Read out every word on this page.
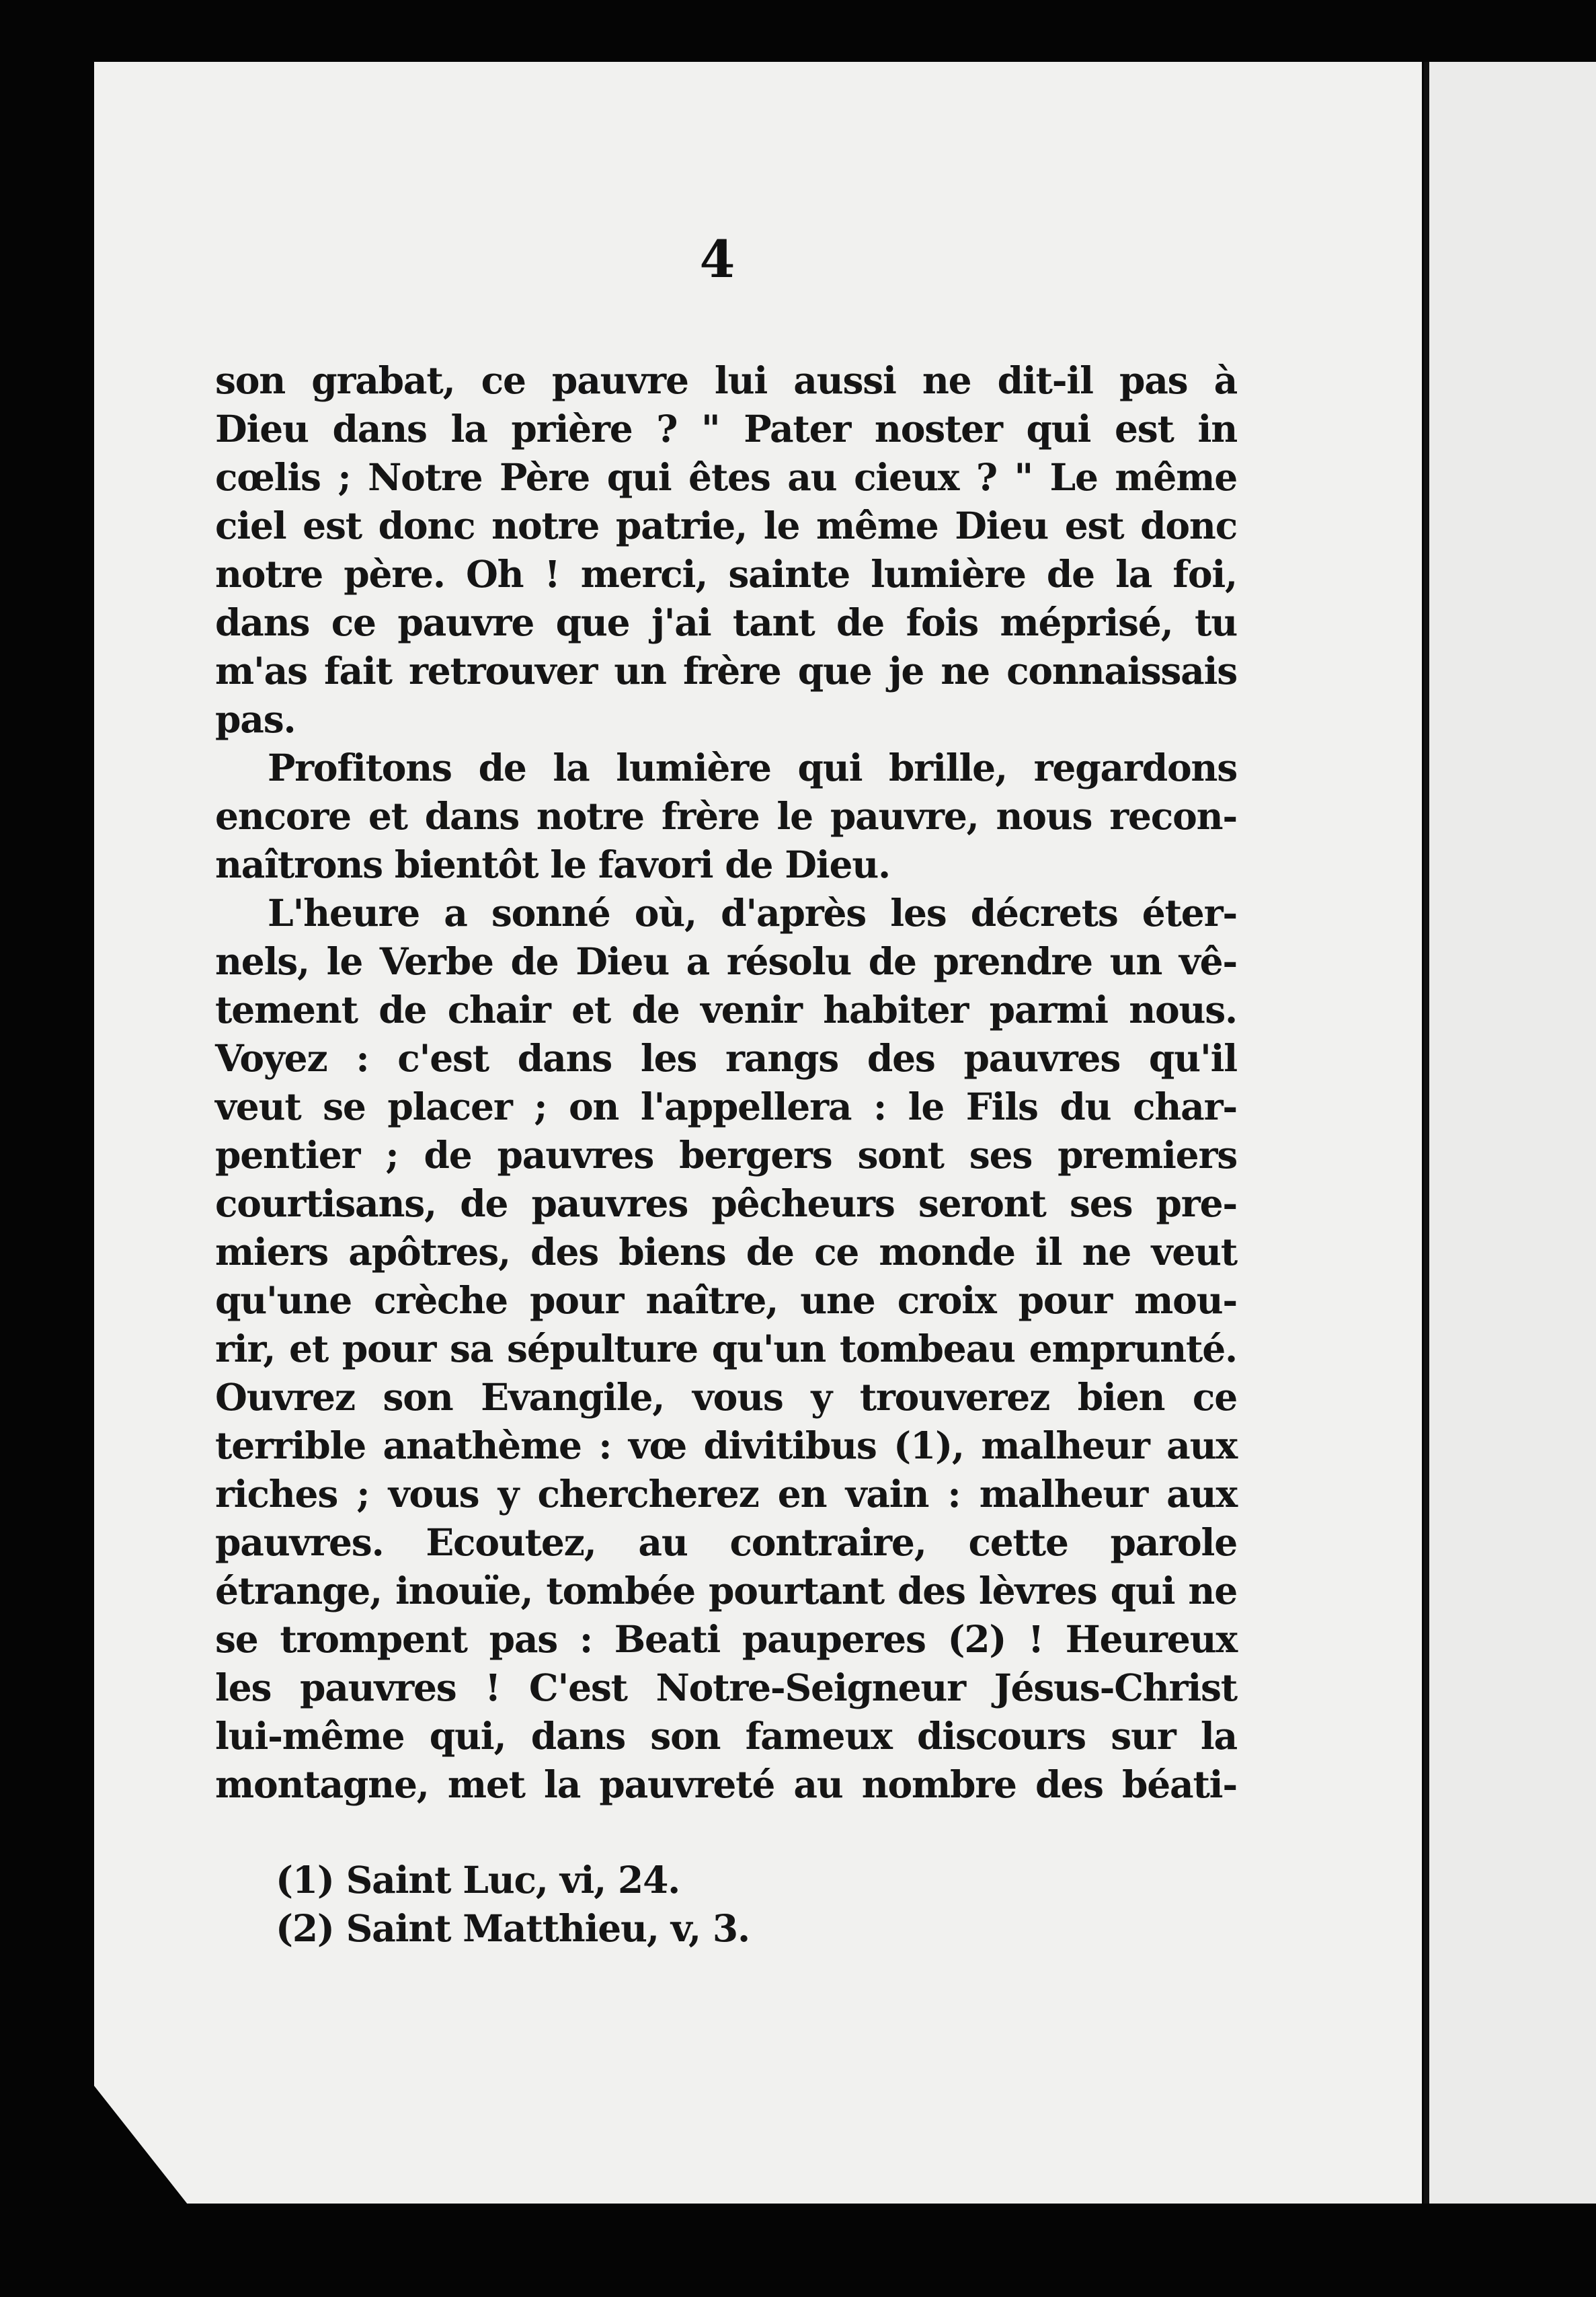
4
son grabat, ce pauvre lui aussi ne dit-il pas à
Dieu dans la prière ? " Pater noster qui est in
cœlis ; Notre Père qui êtes au cieux ? " Le même
ciel est donc notre patrie, le même Dieu est donc
notre père. Oh ! merci, sainte lumière de la foi,
dans ce pauvre que j'ai tant de fois méprisé, tu
m'as fait retrouver un frère que je ne connaissais
pas.
Profitons de la lumière qui brille, regardons
encore et dans notre frère le pauvre, nous recon-
naîtrons bientôt le favori de Dieu.
L'heure a sonné où, d'après les décrets éter-
nels, le Verbe de Dieu a résolu de prendre un vê-
tement de chair et de venir habiter parmi nous.
Voyez : c'est dans les rangs des pauvres qu'il
veut se placer ; on l'appellera : le Fils du char-
pentier ; de pauvres bergers sont ses premiers
courtisans, de pauvres pêcheurs seront ses pre-
miers apôtres, des biens de ce monde il ne veut
qu'une crèche pour naître, une croix pour mou-
rir, et pour sa sépulture qu'un tombeau emprunté.
Ouvrez son Evangile, vous y trouverez bien ce
terrible anathème : vœ divitibus (1), malheur aux
riches ; vous y chercherez en vain : malheur aux
pauvres. Ecoutez, au contraire, cette parole
étrange, inouïe, tombée pourtant des lèvres qui ne
se trompent pas : Beati pauperes (2) ! Heureux
les pauvres ! C'est Notre-Seigneur Jésus-Christ
lui-même qui, dans son fameux discours sur la
montagne, met la pauvreté au nombre des béati-
(1) Saint Luc, vi, 24.
(2) Saint Matthieu, v, 3.
